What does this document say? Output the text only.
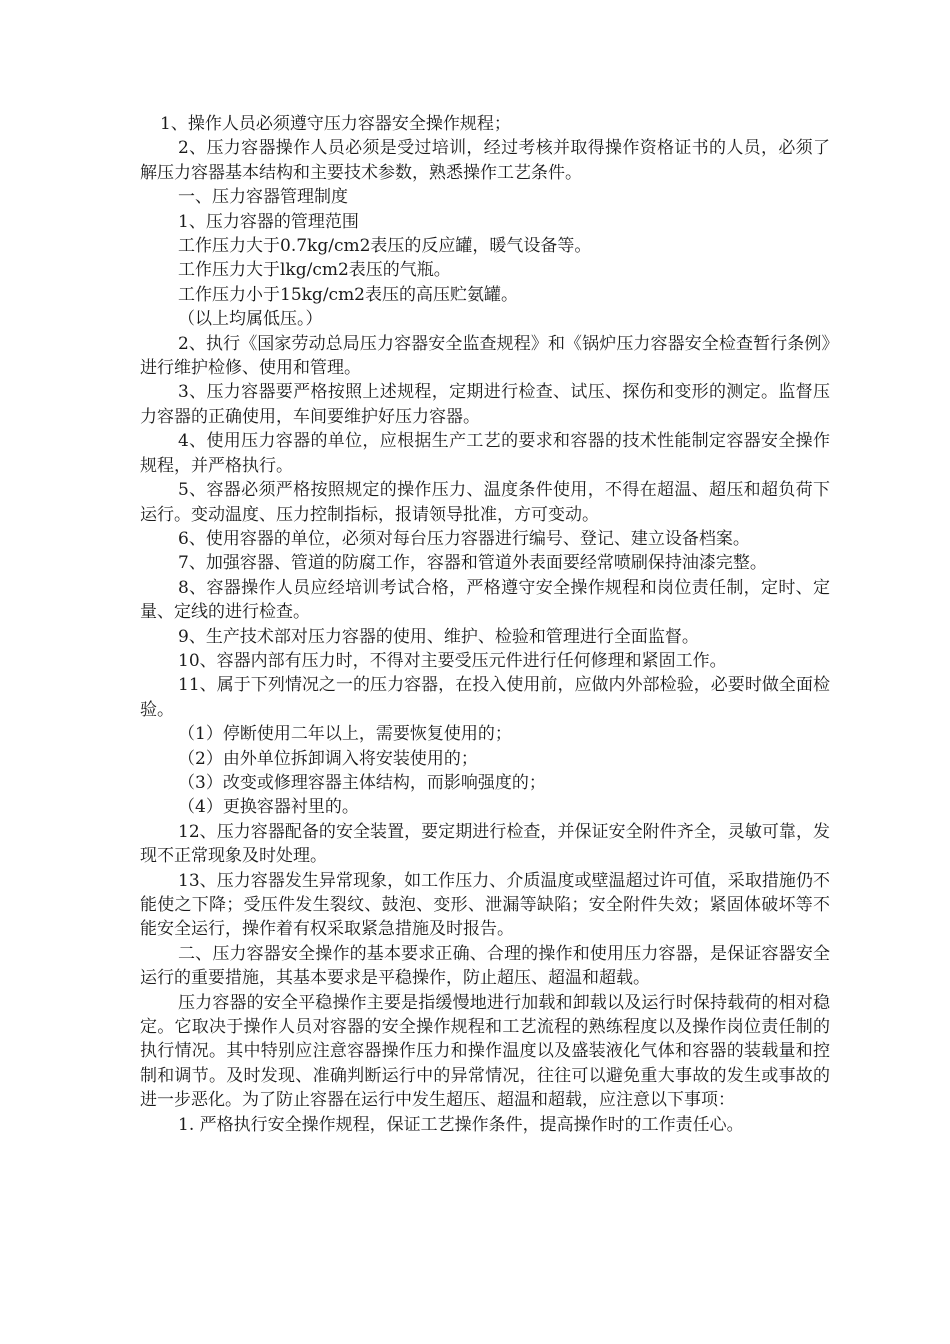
1、操作人员必须遵守压力容器安全操作规程；

2、压力容器操作人员必须是受过培训，经过考核并取得操作资格证书的人员，必须了解压力容器基本结构和主要技术参数，熟悉操作工艺条件。

一、压力容器管理制度

1、压力容器的管理范围

工作压力大于0.7kg/cm2表压的反应罐，暖气设备等。

工作压力大于lkg/cm2表压的气瓶。

工作压力小于15kg/cm2表压的高压贮氨罐。

（以上均属低压。）

2、执行《国家劳动总局压力容器安全监查规程》和《锅炉压力容器安全检查暂行条例》进行维护检修、使用和管理。

3、压力容器要严格按照上述规程，定期进行检查、试压、探伤和变形的测定。监督压力容器的正确使用，车间要维护好压力容器。

4、使用压力容器的单位，应根据生产工艺的要求和容器的技术性能制定容器安全操作规程，并严格执行。

5、容器必须严格按照规定的操作压力、温度条件使用，不得在超温、超压和超负荷下运行。变动温度、压力控制指标，报请领导批准，方可变动。

6、使用容器的单位，必须对每台压力容器进行编号、登记、建立设备档案。

7、加强容器、管道的防腐工作，容器和管道外表面要经常喷刷保持油漆完整。

8、容器操作人员应经培训考试合格，严格遵守安全操作规程和岗位责任制，定时、定量、定线的进行检查。

9、生产技术部对压力容器的使用、维护、检验和管理进行全面监督。

10、容器内部有压力时，不得对主要受压元件进行任何修理和紧固工作。

11、属于下列情况之一的压力容器，在投入使用前，应做内外部检验，必要时做全面检验。

（1）停断使用二年以上，需要恢复使用的；

（2）由外单位拆卸调入将安装使用的；

（3）改变或修理容器主体结构，而影响强度的；

（4）更换容器衬里的。

12、压力容器配备的安全装置，要定期进行检查，并保证安全附件齐全，灵敏可靠，发现不正常现象及时处理。

13、压力容器发生异常现象，如工作压力、介质温度或壁温超过许可值，采取措施仍不能使之下降；受压件发生裂纹、鼓泡、变形、泄漏等缺陷；安全附件失效；紧固体破坏等不能安全运行，操作着有权采取紧急措施及时报告。

二、压力容器安全操作的基本要求正确、合理的操作和使用压力容器，是保证容器安全运行的重要措施，其基本要求是平稳操作，防止超压、超温和超载。

压力容器的安全平稳操作主要是指缓慢地进行加载和卸载以及运行时保持载荷的相对稳定。它取决于操作人员对容器的安全操作规程和工艺流程的熟练程度以及操作岗位责任制的执行情况。其中特别应注意容器操作压力和操作温度以及盛装液化气体和容器的装载量和控制和调节。及时发现、准确判断运行中的异常情况，往往可以避免重大事故的发生或事故的进一步恶化。为了防止容器在运行中发生超压、超温和超载，应注意以下事项：

1. 严格执行安全操作规程，保证工艺操作条件，提高操作时的工作责任心。
